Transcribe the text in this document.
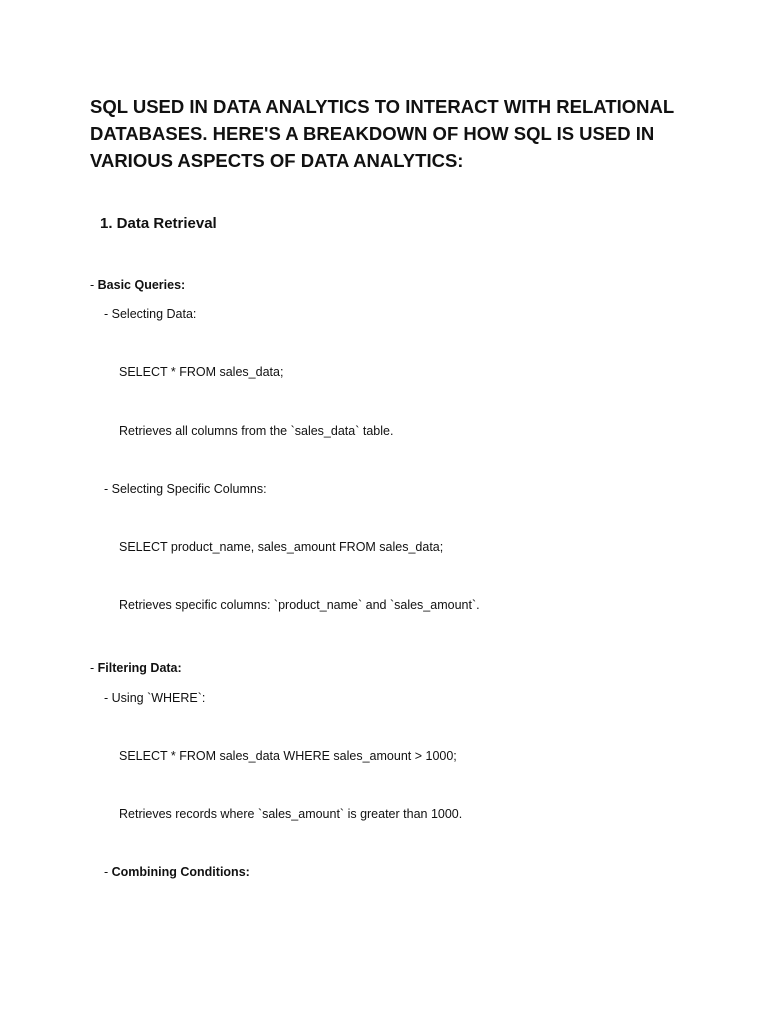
SQL USED IN DATA ANALYTICS TO INTERACT WITH RELATIONAL DATABASES. HERE'S A BREAKDOWN OF HOW SQL IS USED IN VARIOUS ASPECTS OF DATA ANALYTICS:
1. Data Retrieval
- Basic Queries:
- Selecting Data:
SELECT * FROM sales_data;
Retrieves all columns from the `sales_data` table.
- Selecting Specific Columns:
SELECT product_name, sales_amount FROM sales_data;
Retrieves specific columns: `product_name` and `sales_amount`.
- Filtering Data:
- Using `WHERE`:
SELECT * FROM sales_data WHERE sales_amount > 1000;
Retrieves records where `sales_amount` is greater than 1000.
- Combining Conditions:
